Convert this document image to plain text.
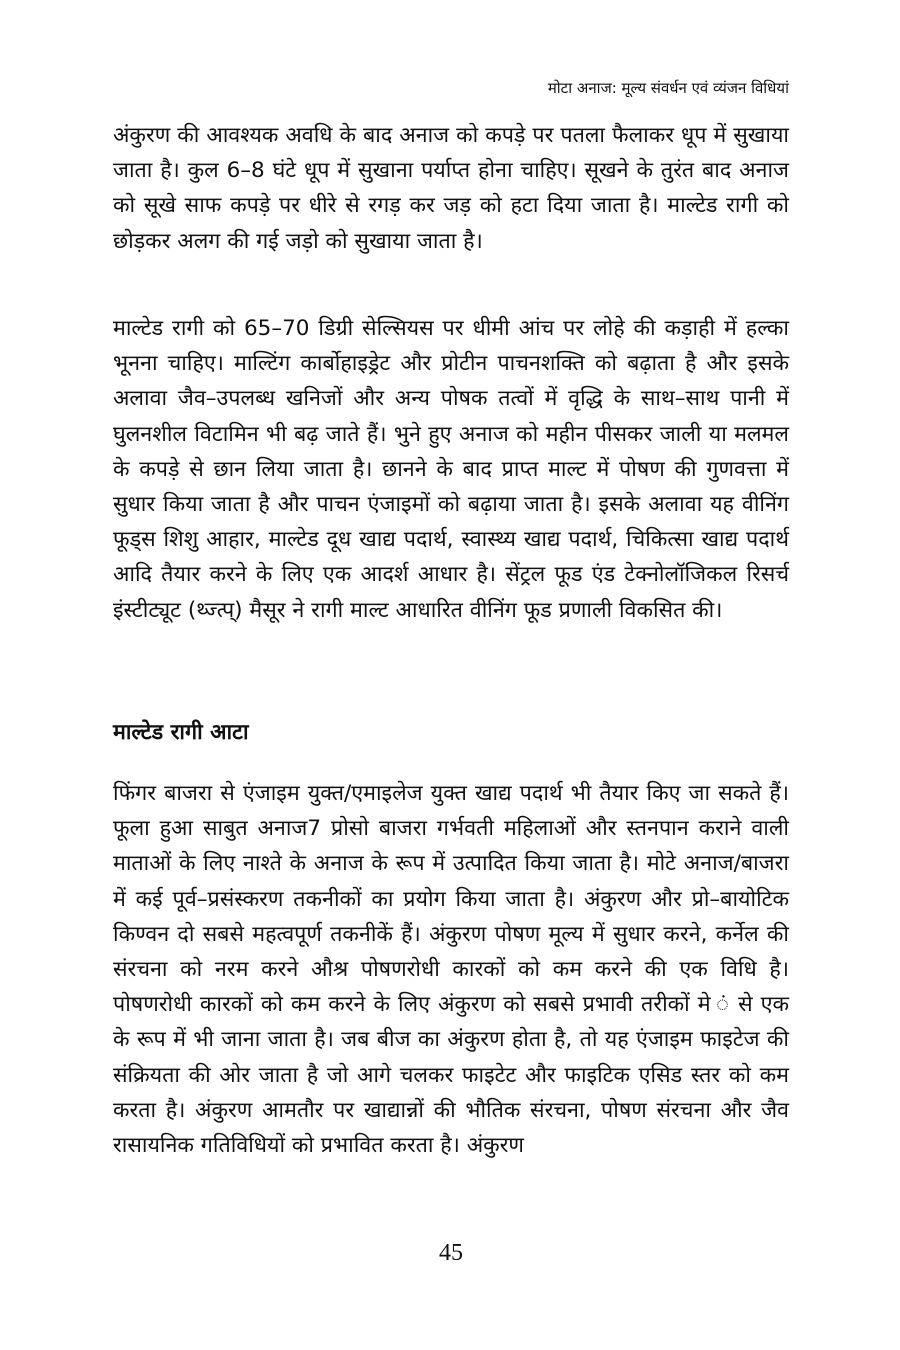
मोटा अनाज: मूल्य संवर्धन एवं व्यंजन विधियां

अंकुरण की आवश्यक अवधि के बाद अनाज को कपड़े पर पतला फैलाकर धूप में सुखाया जाता है। कुल 6–8 घंटे धूप में सुखाना पर्याप्त होना चाहिए। सूखने के तुरंत बाद अनाज को सूखे साफ कपड़े पर धीरे से रगड़ कर जड़ को हटा दिया जाता है। माल्टेड रागी को छोड़कर अलग की गई जड़ो को सुखाया जाता है।

माल्टेड रागी को 65–70 डिग्री सेल्सियस पर धीमी आंच पर लोहे की कड़ाही में हल्का भूनना चाहिए। माल्टिंग कार्बोहाइड्रेट और प्रोटीन पाचनशक्ति को बढ़ाता है और इसके अलावा जैव–उपलब्ध खनिजों और अन्य पोषक तत्वों में वृद्धि के साथ–साथ पानी में घुलनशील विटामिन भी बढ़ जाते हैं। भुने हुए अनाज को महीन पीसकर जाली या मलमल के कपड़े से छान लिया जाता है। छानने के बाद प्राप्त माल्ट में पोषण की गुणवत्ता में सुधार किया जाता है और पाचन एंजाइमों को बढ़ाया जाता है। इसके अलावा यह वीनिंग फूड्स शिशु आहार, माल्टेड दूध खाद्य पदार्थ, स्वास्थ्य खाद्य पदार्थ, चिकित्सा खाद्य पदार्थ आदि तैयार करने के लिए एक आदर्श आधार है। सेंट्रल फूड एंड टेक्नोलॉजिकल रिसर्च इंस्टीट्यूट (थ्ज्त्प्) मैसूर ने रागी माल्ट आधारित वीनिंग फूड प्रणाली विकसित की।

माल्टेड रागी आटा

फिंगर बाजरा से एंजाइम युक्त/एमाइलेज युक्त खाद्य पदार्थ भी तैयार किए जा सकते हैं। फूला हुआ साबुत अनाज7 प्रोसो बाजरा गर्भवती महिलाओं और स्तनपान कराने वाली माताओं के लिए नाश्ते के अनाज के रूप में उत्पादित किया जाता है। मोटे अनाज/बाजरा में कई पूर्व–प्रसंस्करण तकनीकों का प्रयोग किया जाता है। अंकुरण और प्रो–बायोटिक किण्वन दो सबसे महत्वपूर्ण तकनीकें हैं। अंकुरण पोषण मूल्य में सुधार करने, कर्नेल की संरचना को नरम करने औश्र पोषणरोधी कारकों को कम करने की एक विधि है। पोषणरोधी कारकों को कम करने के लिए अंकुरण को सबसे प्रभावी तरीकों मे ं से एक के रूप में भी जाना जाता है। जब बीज का अंकुरण होता है, तो यह एंजाइम फाइटेज की संक्रियता की ओर जाता है जो आगे चलकर फाइटेट और फाइटिक एसिड स्तर को कम करता है। अंकुरण आमतौर पर खाद्यान्नों की भौतिक संरचना, पोषण संरचना और जैव रासायनिक गतिविधियों को प्रभावित करता है। अंकुरण

45
